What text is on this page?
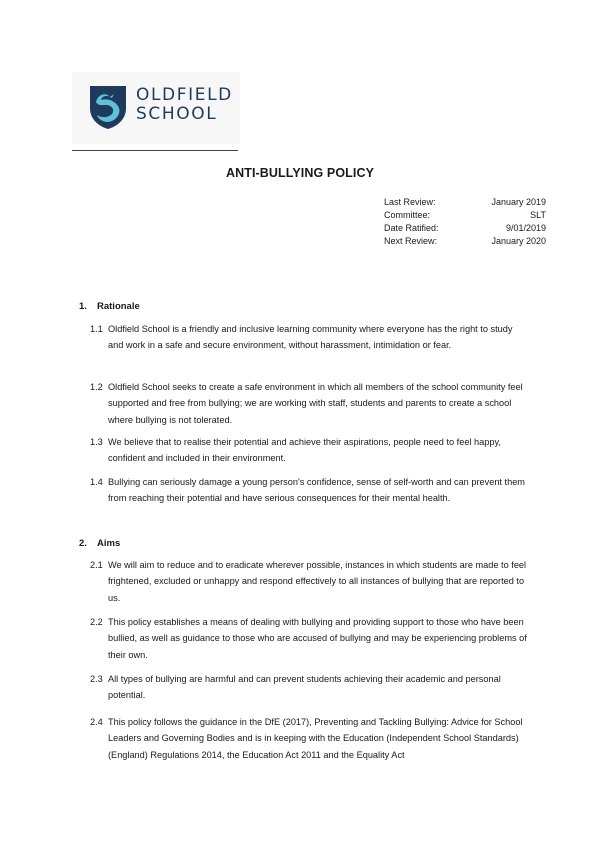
OLDFIELD
SCHOOL
ANTI-BULLYING POLICY
Last Review:	January 2019
Committee:	SLT
Date Ratified:	9/01/2019
Next Review:	January 2020
1. Rationale
1.1 Oldfield School is a friendly and inclusive learning community where everyone has the right to study and work in a safe and secure environment, without harassment, intimidation or fear.
1.2 Oldfield School seeks to create a safe environment in which all members of the school community feel supported and free from bullying; we are working with staff, students and parents to create a school where bullying is not tolerated.
1.3 We believe that to realise their potential and achieve their aspirations, people need to feel happy, confident and included in their environment.
1.4 Bullying can seriously damage a young person's confidence, sense of self-worth and can prevent them from reaching their potential and have serious consequences for their mental health.
2. Aims
2.1 We will aim to reduce and to eradicate wherever possible, instances in which students are made to feel frightened, excluded or unhappy and respond effectively to all instances of bullying that are reported to us.
2.2 This policy establishes a means of dealing with bullying and providing support to those who have been bullied, as well as guidance to those who are accused of bullying and may be experiencing problems of their own.
2.3 All types of bullying are harmful and can prevent students achieving their academic and personal potential.
2.4 This policy follows the guidance in the DfE (2017), Preventing and Tackling Bullying: Advice for School Leaders and Governing Bodies and is in keeping with the Education (Independent School Standards) (England) Regulations 2014, the Education Act 2011 and the Equality Act
